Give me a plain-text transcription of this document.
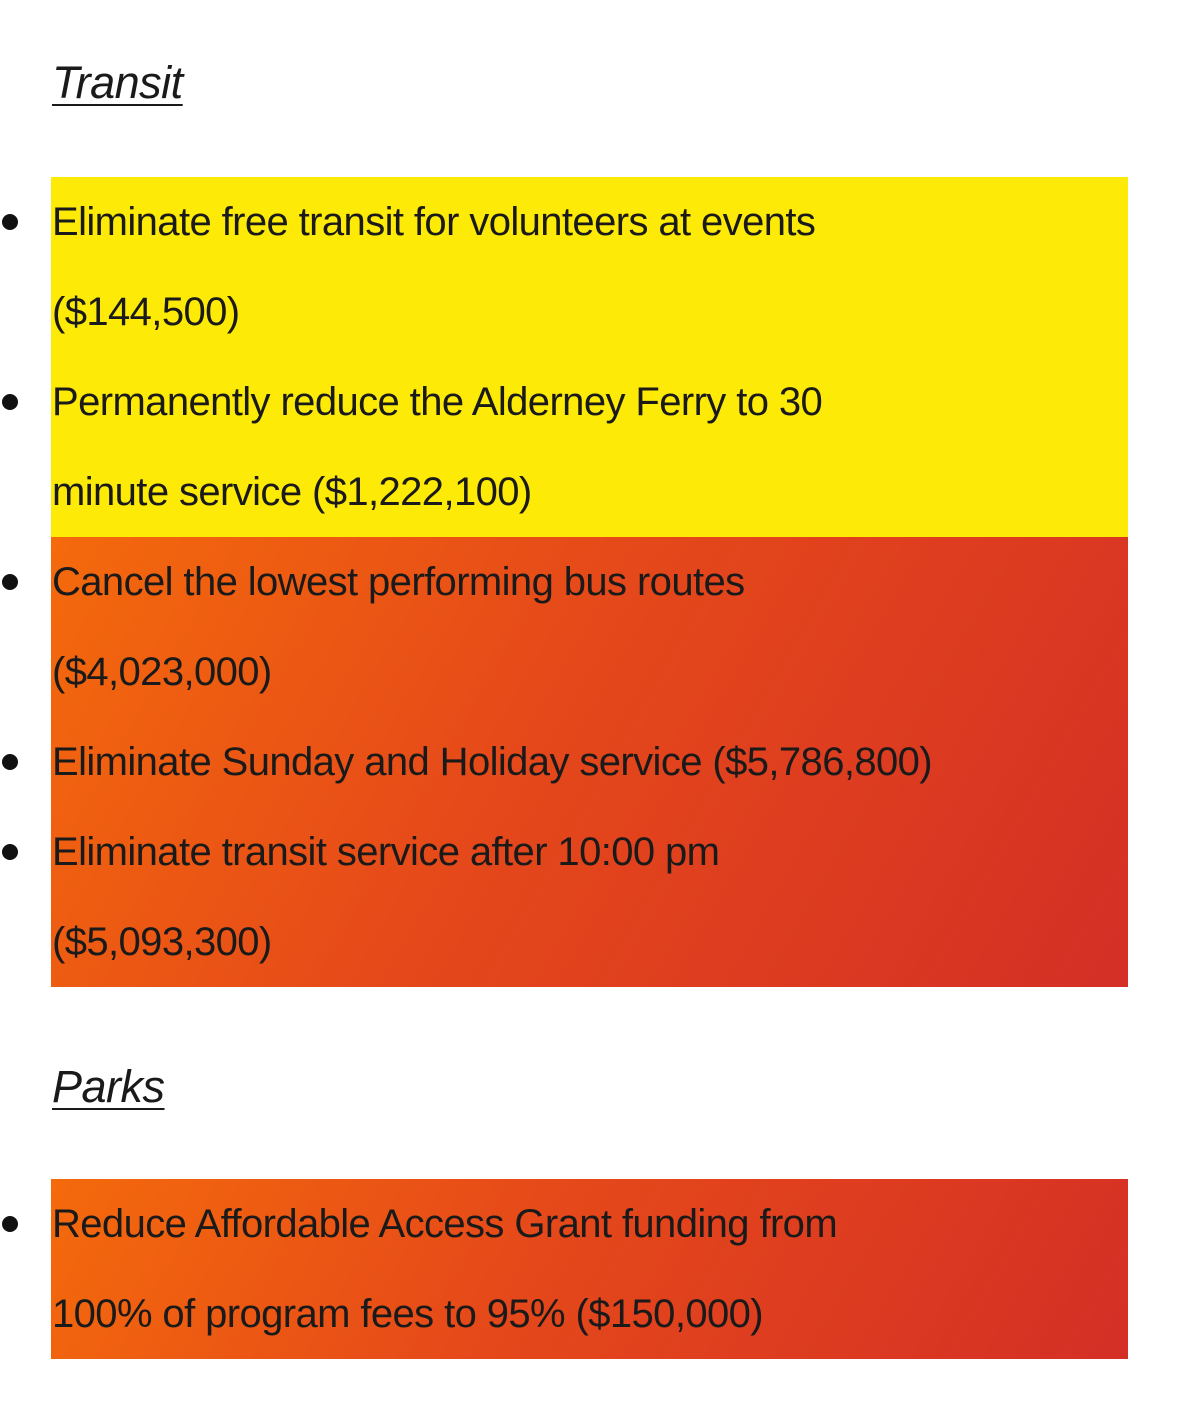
Transit
Eliminate free transit for volunteers at events
($144,500)
Permanently reduce the Alderney Ferry to 30
minute service ($1,222,100)
Cancel the lowest performing bus routes
($4,023,000)
Eliminate Sunday and Holiday service ($5,786,800)
Eliminate transit service after 10:00 pm
($5,093,300)
Parks
Reduce Affordable Access Grant funding from
100% of program fees to 95% ($150,000)
